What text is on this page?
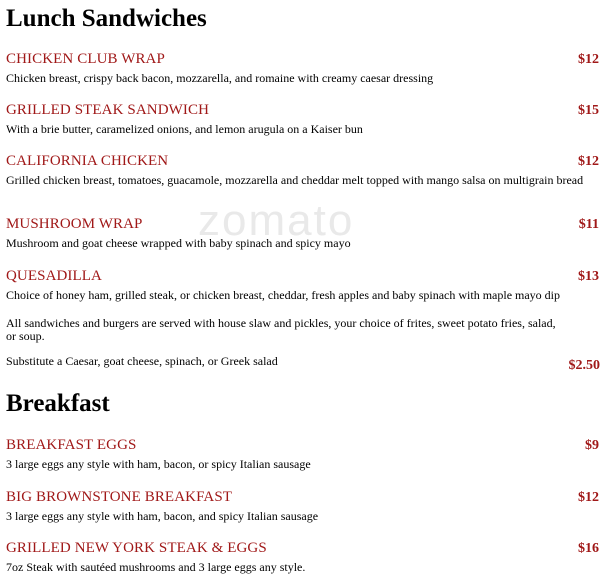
zomato
Lunch Sandwiches
CHICKEN CLUB WRAP	$12
Chicken breast, crispy back bacon, mozzarella, and romaine with creamy caesar dressing
GRILLED STEAK SANDWICH	$15
With a brie butter, caramelized onions, and lemon arugula on a Kaiser bun
CALIFORNIA CHICKEN	$12
Grilled chicken breast, tomatoes, guacamole, mozzarella and cheddar melt topped with mango salsa on multigrain bread
MUSHROOM WRAP	$11
Mushroom and goat cheese wrapped with baby spinach and spicy mayo
QUESADILLA	$13
Choice of honey ham, grilled steak, or chicken breast, cheddar, fresh apples and baby spinach with maple mayo dip
All sandwiches and burgers are served with house slaw and pickles, your choice of frites, sweet potato fries, salad, or soup.
Substitute a Caesar, goat cheese, spinach, or Greek salad	$2.50
Breakfast
BREAKFAST EGGS	$9
3 large eggs any style with ham, bacon, or spicy Italian sausage
BIG BROWNSTONE BREAKFAST	$12
3 large eggs any style with ham, bacon, and spicy Italian sausage
GRILLED NEW YORK STEAK & EGGS	$16
7oz Steak with sautéed mushrooms and 3 large eggs any style.
